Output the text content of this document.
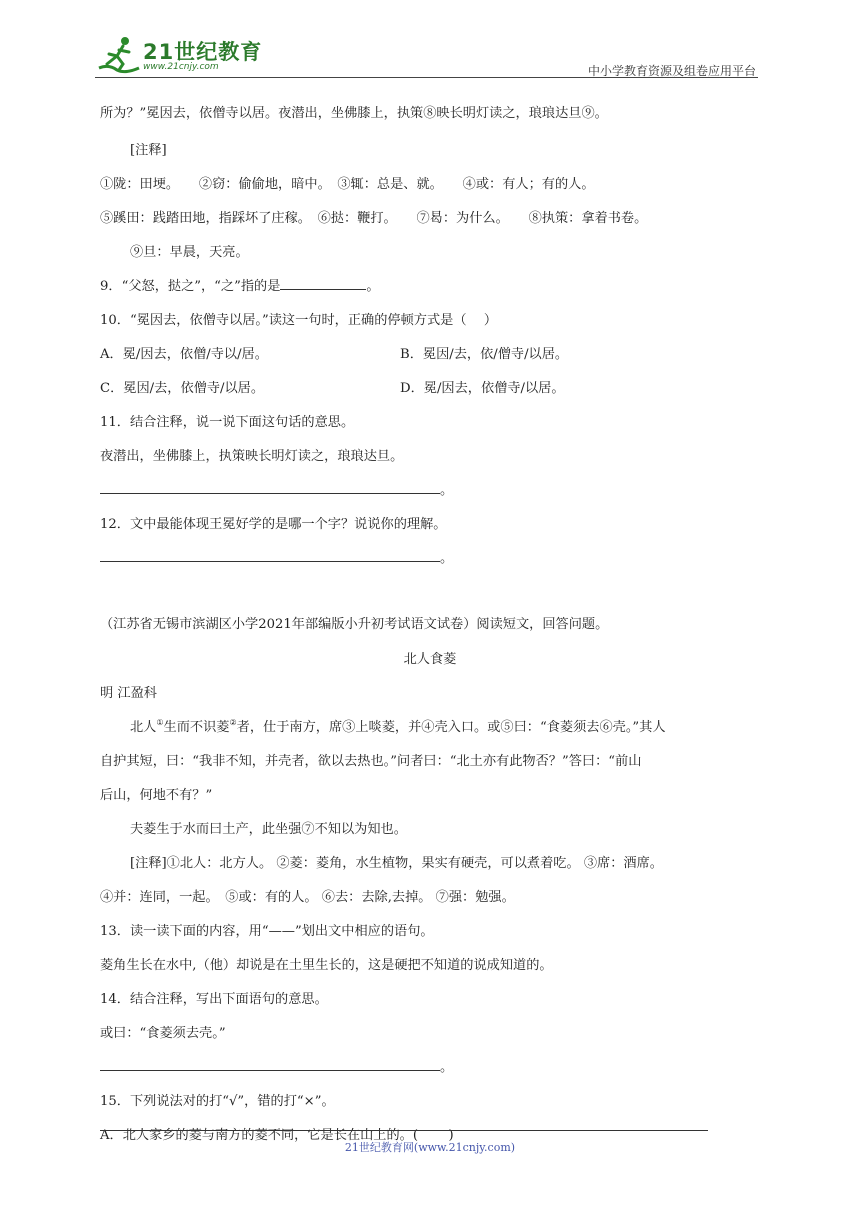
21世纪教育
www.21cnjy.com	中小学教育资源及组卷应用平台
所为？”冕因去，依僧寺以居。夜潜出，坐佛膝上，执策⑧映长明灯读之，琅琅达旦⑨。
[注释]
①陇：田埂。　　②窃：偷偷地，暗中。　③辄：总是、就。　　④或：有人；有的人。
⑤蹊田：践踏田地，指踩坏了庄稼。　⑥挞：鞭打。　　⑦曷：为什么。　　⑧执策：拿着书卷。
⑨旦：早晨，天亮。
9．“父怒，挞之”，“之”指的是	。
10．“冕因去，依僧寺以居。”读这一句时，正确的停顿方式是（　 ）
A．冕/因去，依僧/寺以/居。	B．冕因/去，依/僧寺/以居。
C．冕因/去，依僧寺/以居。	D．冕/因去，依僧寺/以居。
11．结合注释，说一说下面这句话的意思。
夜潜出，坐佛膝上，执策映长明灯读之，琅琅达旦。
。
12．文中最能体现王冕好学的是哪一个字？说说你的理解。
。
（江苏省无锡市滨湖区小学2021年部编版小升初考试语文试卷）阅读短文，回答问题。
北人食菱
明 江盈科
北人①生而不识菱②者，仕于南方，席③上啖菱，并④壳入口。或⑤曰：“食菱须去⑥壳。”其人
自护其短，曰：“我非不知，并壳者，欲以去热也。”问者曰：“北土亦有此物否？”答曰：“前山
后山，何地不有？”
夫菱生于水而曰土产，此坐强⑦不知以为知也。
[注释]①北人：北方人。 ②菱：菱角，水生植物，果实有硬壳，可以煮着吃。 ③席：酒席。
④并：连同，一起。　⑤或：有的人。 ⑥去：去除,去掉。 ⑦强：勉强。
13．读一读下面的内容，用“——”划出文中相应的语句。
菱角生长在水中,（他）却说是在土里生长的，这是硬把不知道的说成知道的。
14．结合注释，写出下面语句的意思。
或曰：“食菱须去壳。”
。
15．下列说法对的打“√”，错的打“×”。
A．北人家乡的菱与南方的菱不同，它是长在山上的。(　　 )
21世纪教育网(www.21cnjy.com)
